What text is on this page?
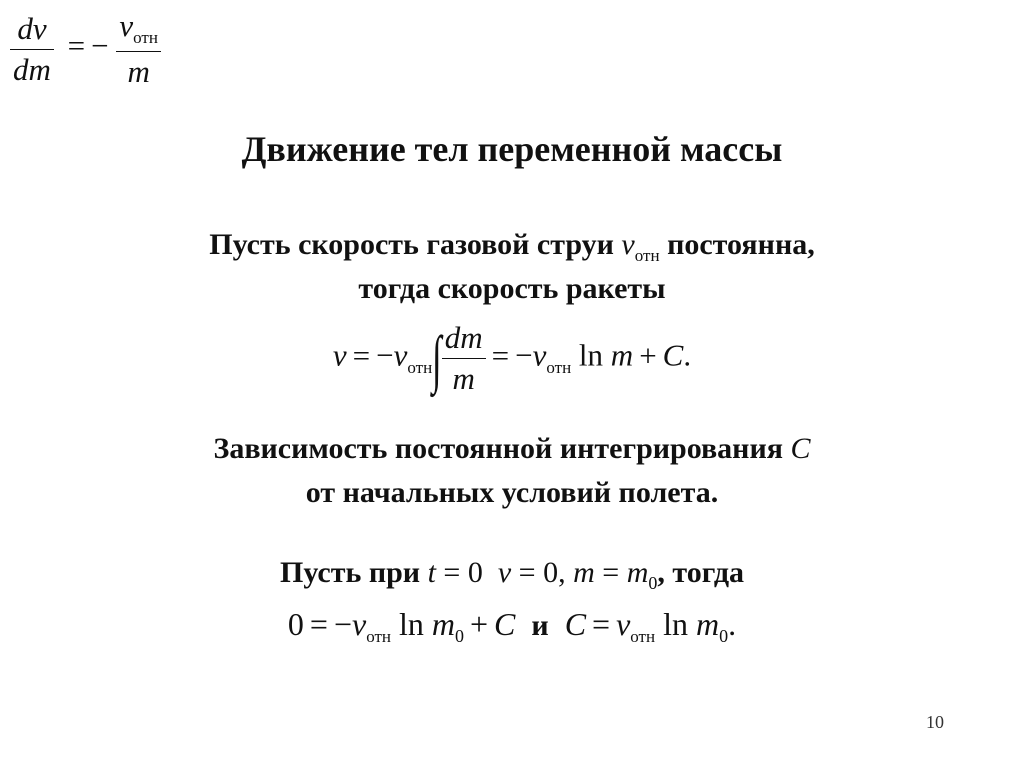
$\frac{dv}{dm}$ = − $\frac{v_{отн}}{m}$
Движение тел переменной массы
Пусть скорость газовой струи $v_{отн}$ постоянна,
тогда скорость ракеты
$v = -v_{отн}\int \frac{dm}{m} = -v_{отн}$ ln m + C.
Зависимость постоянной интегрирования C
от начальных условий полета.
Пусть при t = 0 v = 0, $m = m_0$, тогда
$0 = -v_{отн}$ $\ln m_0 + C$ и $C = v_{отн}$ $\ln m_0$.
10
